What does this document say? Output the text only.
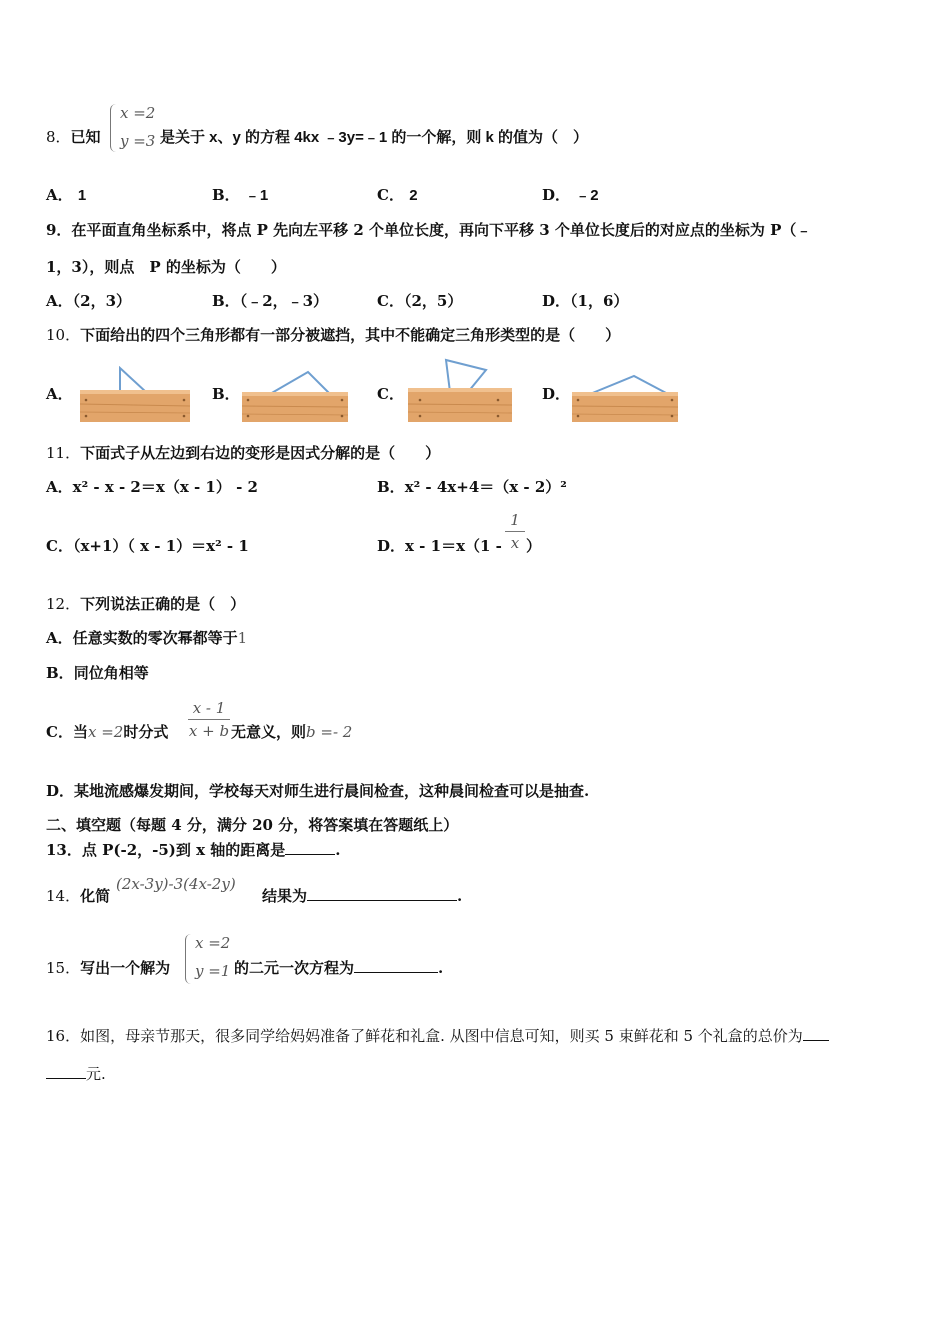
8．已知
x =2
y =3 是关于 x、y 的方程 4kx ﹣3y=﹣1 的一个解，则 k 的值为（　）
A． 1	B． ﹣1	C． 2	D． ﹣2
9．在平面直角坐标系中，将点 P 先向左平移 2 个单位长度，再向下平移 3 个单位长度后的对应点的坐标为 P（﹣
1，3），则点　P 的坐标为（　　）
A．（2，3）	B．（﹣2，﹣3）	C．（2，5）	D．（1，6）
10．下面给出的四个三角形都有一部分被遮挡，其中不能确定三角形类型的是（　　）
A．	B．	C．	D．
11．下面式子从左边到右边的变形是因式分解的是（　　）
A．x² - x - 2＝x（x - 1） - 2	B．x² - 4x+4＝（x - 2）²
C．（x+1）（ x - 1）＝x² - 1	D．x - 1＝x（1 -
1
x ）
12．下列说法正确的是（　）
A．任意实数的零次幂都等于1
B．同位角相等
C．当x =2时分式
x - 1
x + b 无意义，则b =- 2
D．某地流感爆发期间，学校每天对师生进行晨间检查，这种晨间检查可以是抽查.
二、填空题（每题 4 分，满分 20 分，将答案填在答题纸上）
13．点 P(-2，-5)到 x 轴的距离是	.
14．化简
(2x-3y)-3(4x-2y)
结果为	.
15．写出一个解为
x =2
y =1 的二元一次方程为	.
16．如图，母亲节那天，很多同学给妈妈准备了鲜花和礼盒. 从图中信息可知，则买 5 束鲜花和 5 个礼盒的总价为
元.
